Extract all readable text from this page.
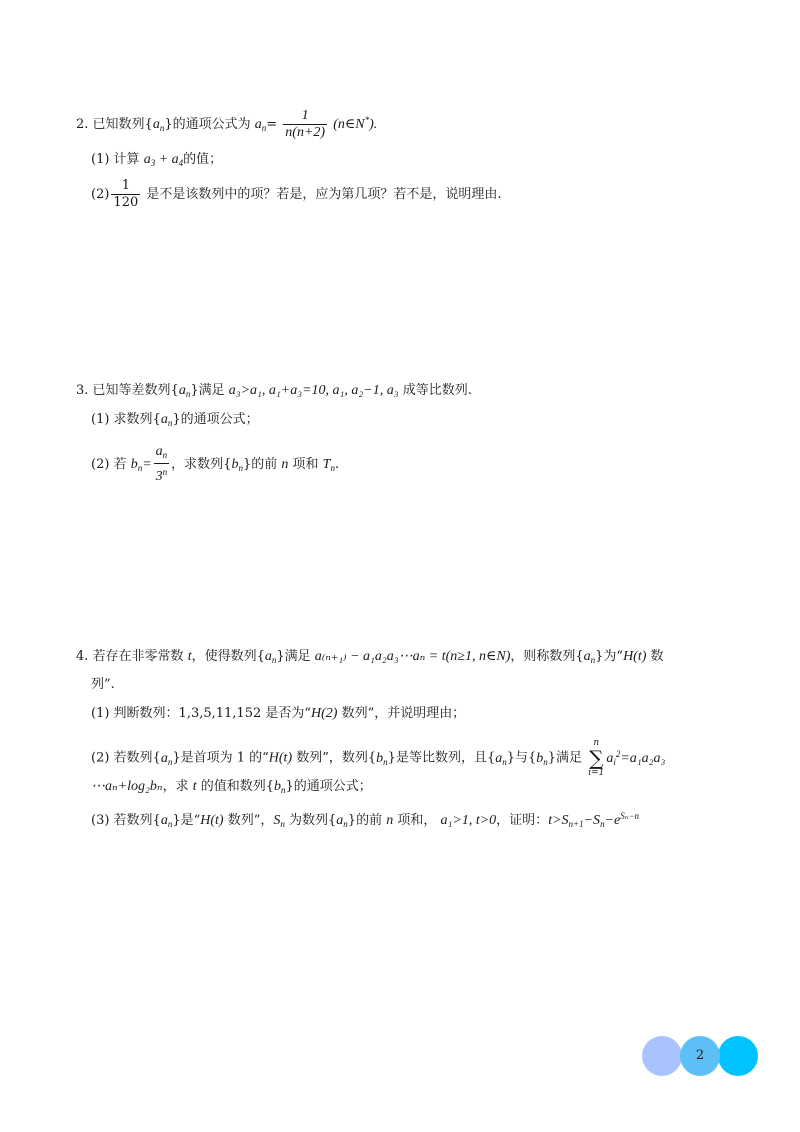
2. 已知数列$\{a_n\}$的通项公式为 $a_n= \frac{1}{n(n+2)}$ (n∈N*).
(1) 计算 $a_3 + a_4$的值；
$(2) \frac{1}{120}$ 是不是该数列中的项？若是，应为第几项？若不是，说明理由.
3. 已知等差数列$\{a_n\}$满足 a₃>a₁, a₁+a₃=10, a₁, a₂−1, a₃ 成等比数列.
(1) 求数列$\{a_n\}$的通项公式；
(2) 若 $b_n= \frac{a_n}{3^n}$ ，求数列$\{b_n\}$的前 n 项和 $T_n$.
4. 若存在非零常数 t，使得数列$\{a_n\}$满足 a₍ₙ₊₁₎ − a₁a₂a₃⋯aₙ = t(n≥1, n∈N)，则称数列$\{a_n\}$为“H(t) 数
列”.
(1) 判断数列：1,3,5,11,152 是否为“H(2) 数列”，并说明理由；
(2) 若数列$\{a_n\}$是首项为 1 的“H(t) 数列”，数列$\{b_n\}$是等比数列，且$\{a_n\}$与$\{b_n\}$满足
n
∑
i=1
$a_i^2=a_1a_2a_3$
⋯aₙ+log₂bₙ，求 t 的值和数列$\{b_n\}$的通项公式；
(3) 若数列$\{a_n\}$是“H(t) 数列”，$S_n$ 为数列$\{a_n\}$的前 n 项和， a₁>1, t>0，证明：$t>S_{n+1}-S_n-e^{S_n-n}$
2
